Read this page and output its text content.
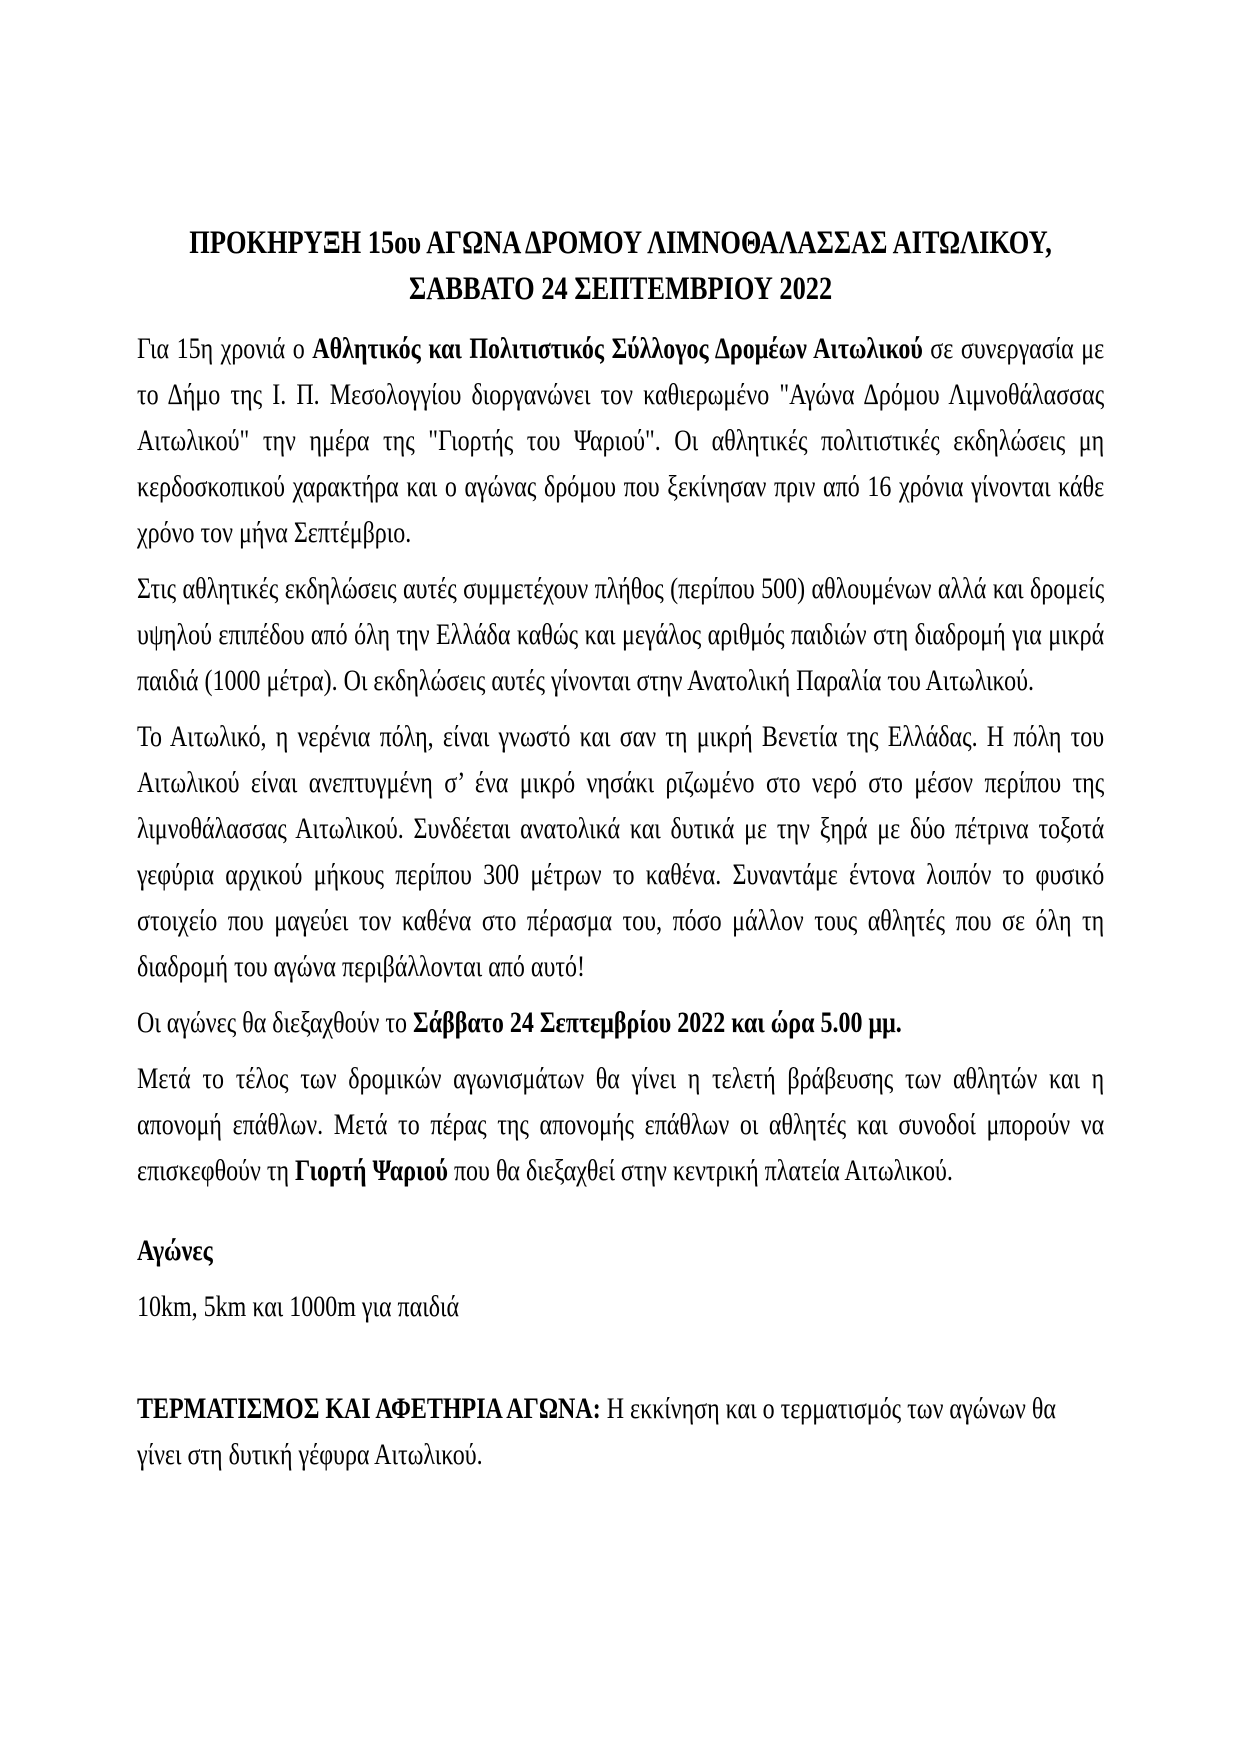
ΠΡΟΚΗΡΥΞΗ 15ου ΑΓΩΝΑ ΔΡΟΜΟΥ ΛΙΜΝΟΘΑΛΑΣΣΑΣ ΑΙΤΩΛΙΚΟΥ,
ΣΑΒΒΑΤΟ 24 ΣΕΠΤΕΜΒΡΙΟΥ 2022

Για 15η χρονιά ο Αθλητικός και Πολιτιστικός Σύλλογος Δρομέων Αιτωλικού σε συνεργασία με το Δήμο της Ι. Π. Μεσολογγίου διοργανώνει τον καθιερωμένο "Αγώνα Δρόμου Λιμνοθάλασσας Αιτωλικού" την ημέρα της "Γιορτής του Ψαριού". Οι αθλητικές πολιτιστικές εκδηλώσεις μη κερδοσκοπικού χαρακτήρα και ο αγώνας δρόμου που ξεκίνησαν πριν από 16 χρόνια γίνονται κάθε χρόνο τον μήνα Σεπτέμβριο.

Στις αθλητικές εκδηλώσεις αυτές συμμετέχουν πλήθος (περίπου 500) αθλουμένων αλλά και δρομείς υψηλού επιπέδου από όλη την Ελλάδα καθώς και μεγάλος αριθμός παιδιών στη διαδρομή για μικρά παιδιά (1000 μέτρα). Οι εκδηλώσεις αυτές γίνονται στην Ανατολική Παραλία του Αιτωλικού.

Το Αιτωλικό, η νερένια πόλη, είναι γνωστό και σαν τη μικρή Βενετία της Ελλάδας. Η πόλη του Αιτωλικού είναι ανεπτυγμένη σ’ ένα μικρό νησάκι ριζωμένο στο νερό στο μέσον περίπου της λιμνοθάλασσας Αιτωλικού. Συνδέεται ανατολικά και δυτικά με την ξηρά με δύο πέτρινα τοξοτά γεφύρια αρχικού μήκους περίπου 300 μέτρων το καθένα. Συναντάμε έντονα λοιπόν το φυσικό στοιχείο που μαγεύει τον καθένα στο πέρασμα του, πόσο μάλλον τους αθλητές που σε όλη τη διαδρομή του αγώνα περιβάλλονται από αυτό!

Οι αγώνες θα διεξαχθούν το Σάββατο 24 Σεπτεμβρίου 2022 και ώρα 5.00 μμ.

Μετά το τέλος των δρομικών αγωνισμάτων θα γίνει η τελετή βράβευσης των αθλητών και η απονομή επάθλων. Μετά το πέρας της απονομής επάθλων οι αθλητές και συνοδοί μπορούν να επισκεφθούν τη Γιορτή Ψαριού που θα διεξαχθεί στην κεντρική πλατεία Αιτωλικού.

Αγώνες

10km, 5km και 1000m για παιδιά

ΤΕΡΜΑΤΙΣΜΟΣ ΚΑΙ ΑΦΕΤΗΡΙΑ ΑΓΩΝΑ: Η εκκίνηση και ο τερματισμός των αγώνων θα γίνει στη δυτική γέφυρα Αιτωλικού.
